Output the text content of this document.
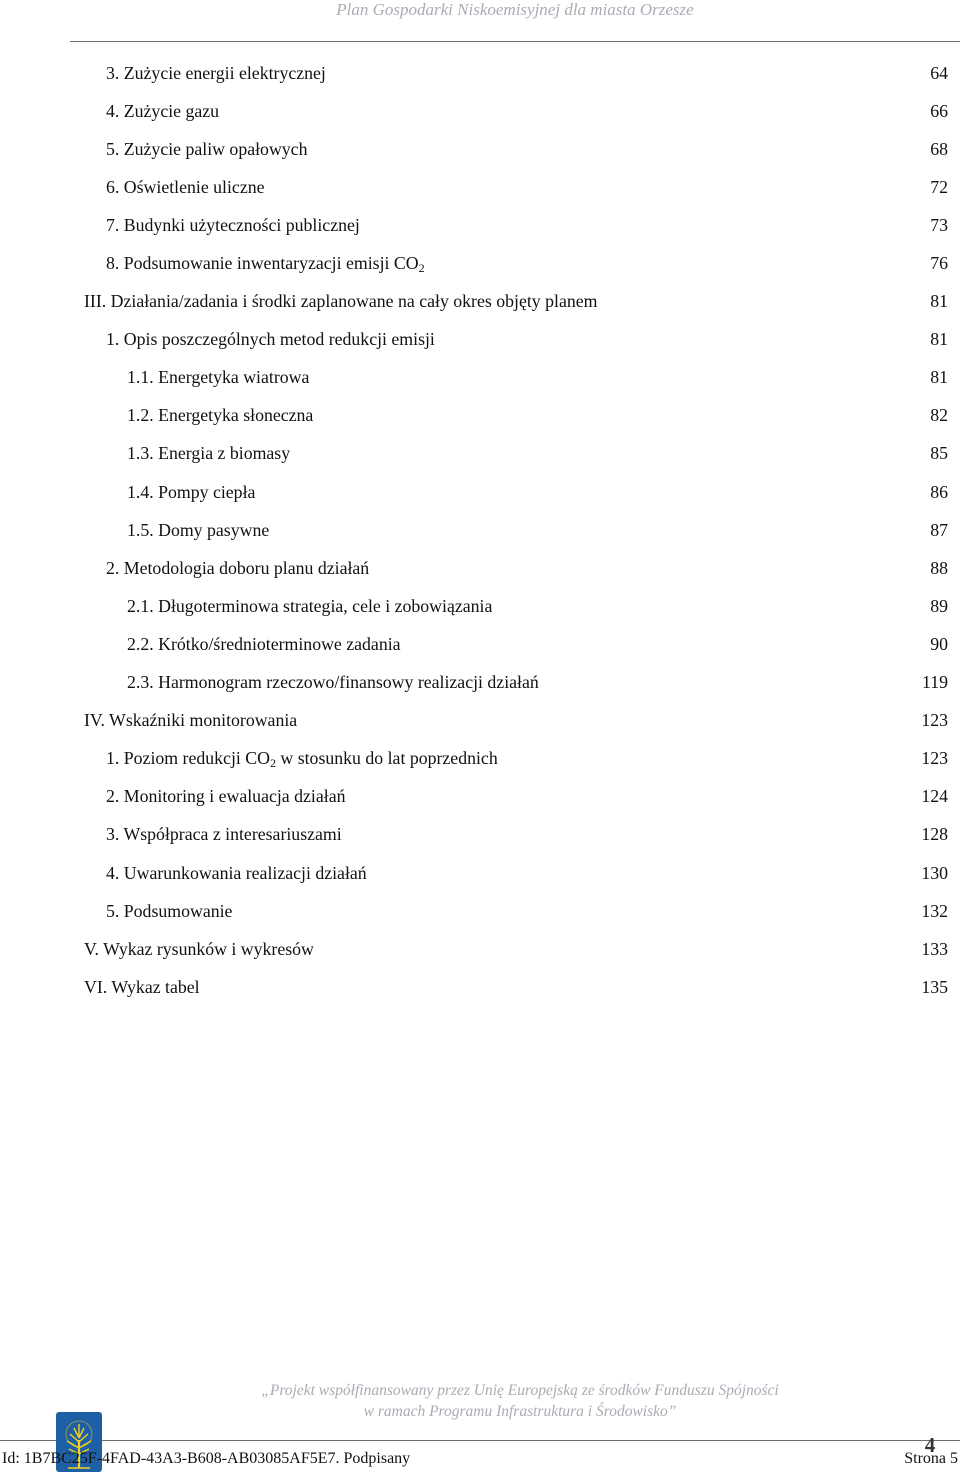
Plan Gospodarki Niskoemisyjnej dla miasta Orzesze
3. Zużycie energii elektrycznej	64
4. Zużycie gazu	66
5. Zużycie paliw opałowych	68
6. Oświetlenie uliczne	72
7. Budynki użyteczności publicznej	73
8. Podsumowanie inwentaryzacji emisji CO2	76
III. Działania/zadania i środki zaplanowane na cały okres objęty planem	81
1. Opis poszczególnych metod redukcji emisji	81
1.1. Energetyka wiatrowa	81
1.2. Energetyka słoneczna	82
1.3. Energia z biomasy	85
1.4. Pompy ciepła	86
1.5. Domy pasywne	87
2. Metodologia doboru planu działań	88
2.1. Długoterminowa strategia, cele i zobowiązania	89
2.2. Krótko/średnioterminowe zadania	90
2.3. Harmonogram rzeczowo/finansowy realizacji działań	119
IV. Wskaźniki monitorowania	123
1. Poziom redukcji CO2 w stosunku do lat poprzednich	123
2. Monitoring i ewaluacja działań	124
3. Współpraca z interesariuszami	128
4. Uwarunkowania realizacji działań	130
5. Podsumowanie	132
V. Wykaz rysunków i wykresów	133
VI. Wykaz tabel	135
„Projekt współfinansowany przez Unię Europejską ze środków Funduszu Spójności
w ramach Programu Infrastruktura i Środowisko”
4
Id: 1B7BC25F-4FAD-43A3-B608-AB03085AF5E7. Podpisany	Strona 5
